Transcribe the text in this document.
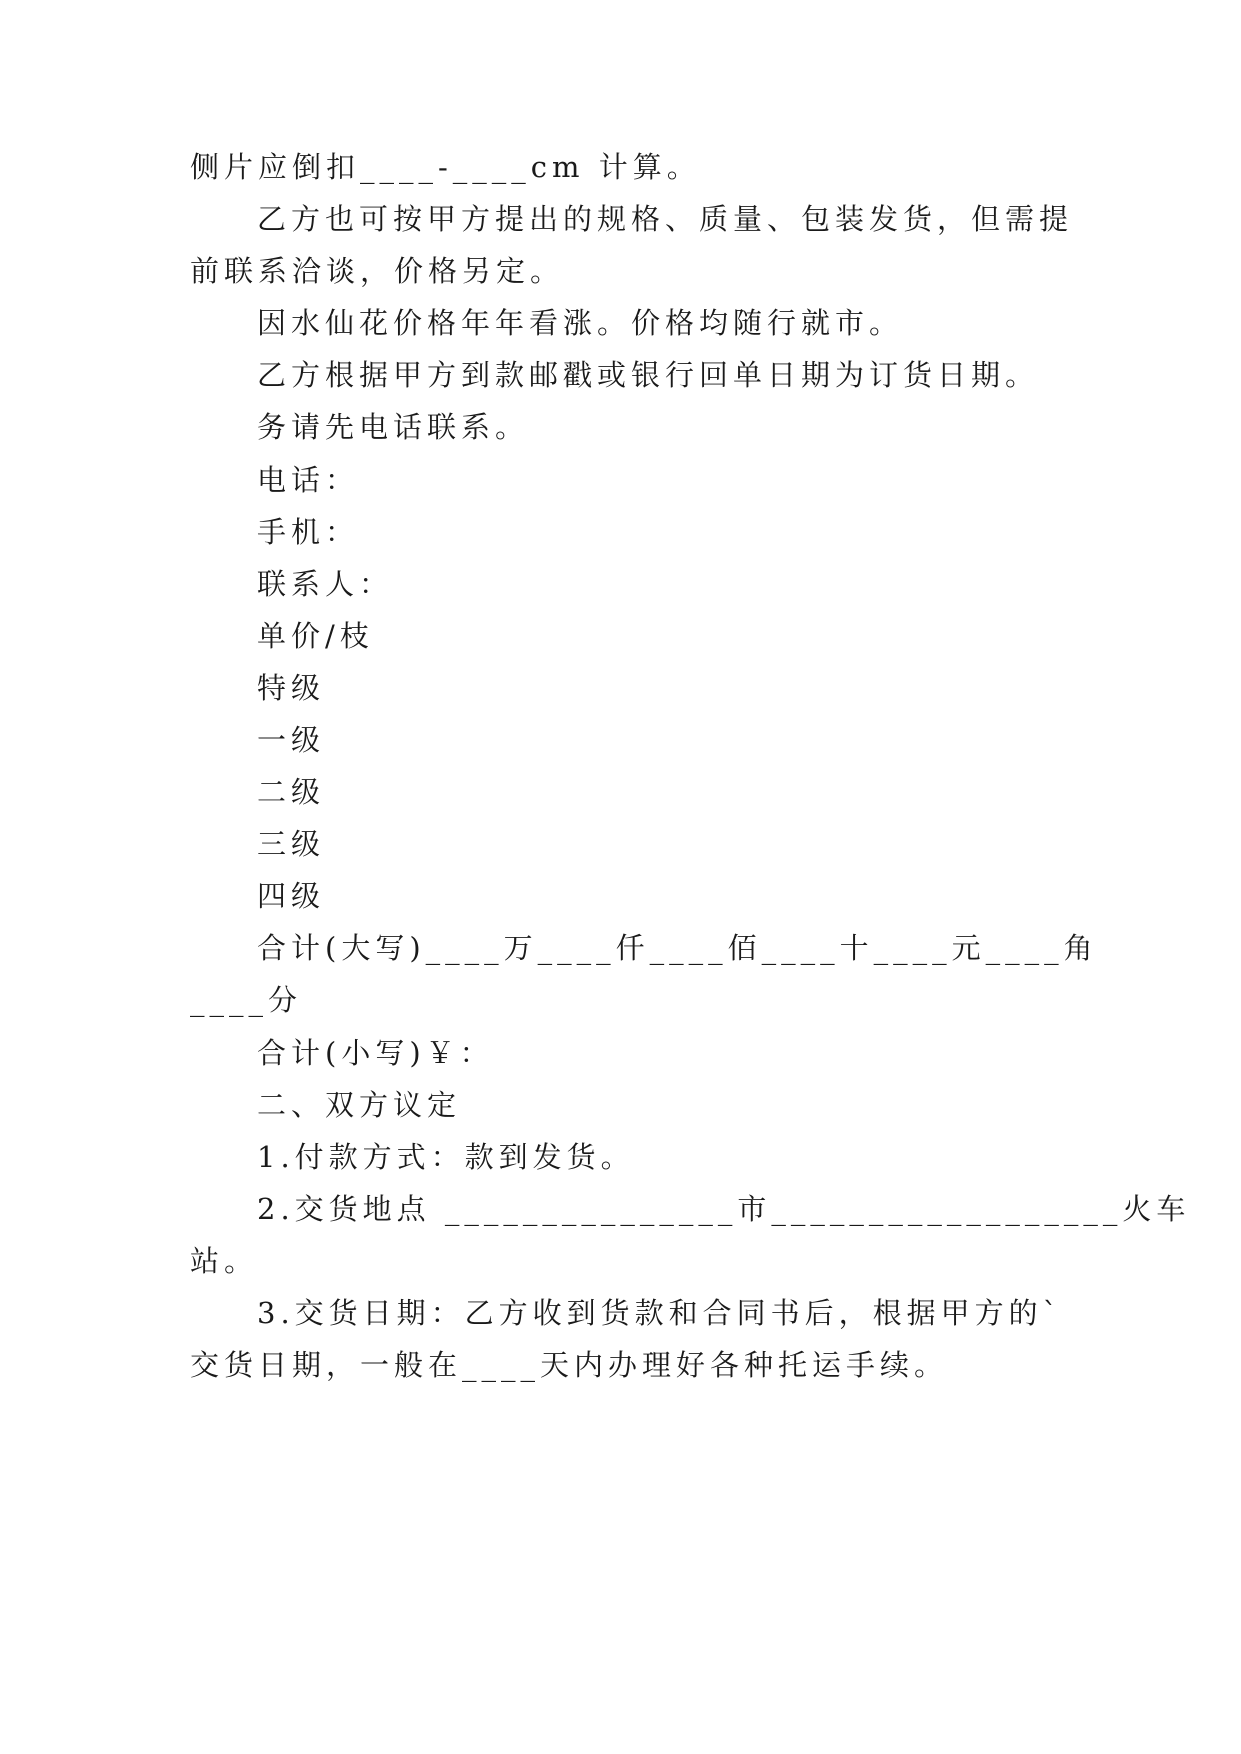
侧片应倒扣____-____cm 计算。
乙方也可按甲方提出的规格、质量、包装发货，但需提
前联系洽谈，价格另定。
因水仙花价格年年看涨。价格均随行就市。
乙方根据甲方到款邮戳或银行回单日期为订货日期。
务请先电话联系。
电话：
手机：
联系人：
单价/枝
特级
一级
二级
三级
四级
合计(大写)____万____仟____佰____十____元____角
____分
合计(小写)￥：
二、双方议定
1.付款方式：款到发货。
2.交货地点 _______________市__________________火车
站。
3.交货日期：乙方收到货款和合同书后，根据甲方的`
交货日期，一般在____天内办理好各种托运手续。
